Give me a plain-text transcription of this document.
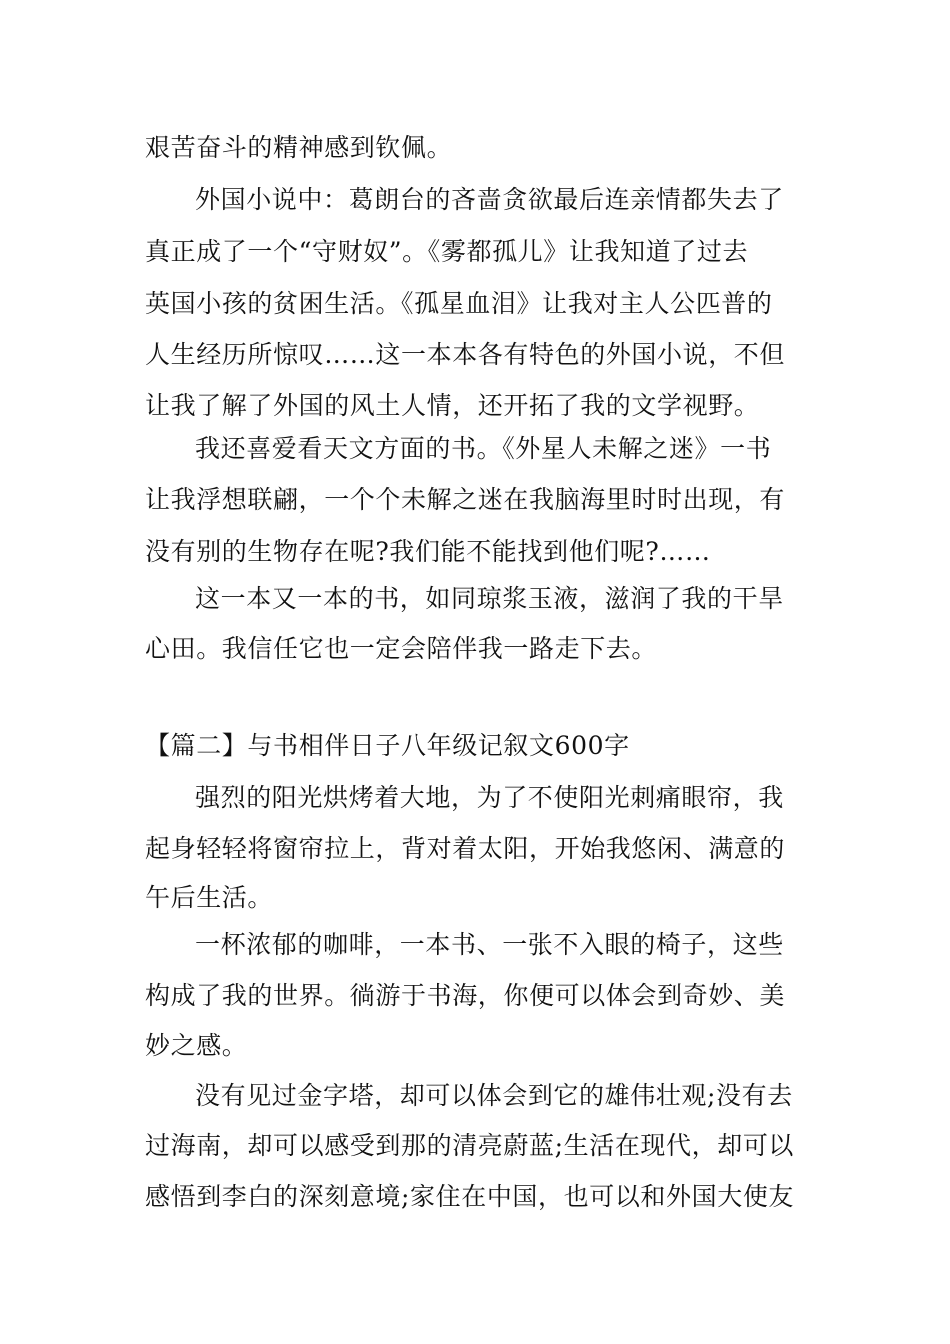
艰苦奋斗的精神感到钦佩。
外国小说中：葛朗台的吝啬贪欲最后连亲情都失去了
真正成了一个“守财奴”。《雾都孤儿》让我知道了过去
英国小孩的贫困生活。《孤星血泪》让我对主人公匹普的
人生经历所惊叹……这一本本各有特色的外国小说，不但
让我了解了外国的风土人情，还开拓了我的文学视野。
我还喜爱看天文方面的书。《外星人未解之迷》一书
让我浮想联翩，一个个未解之迷在我脑海里时时出现，有
没有别的生物存在呢?我们能不能找到他们呢?……
这一本又一本的书，如同琼浆玉液，滋润了我的干旱
心田。我信任它也一定会陪伴我一路走下去。
【篇二】与书相伴日子八年级记叙文600字
强烈的阳光烘烤着大地，为了不使阳光刺痛眼帘，我
起身轻轻将窗帘拉上，背对着太阳，开始我悠闲、满意的
午后生活。
一杯浓郁的咖啡，一本书、一张不入眼的椅子，这些
构成了我的世界。徜游于书海，你便可以体会到奇妙、美
妙之感。
没有见过金字塔，却可以体会到它的雄伟壮观;没有去
过海南，却可以感受到那的清亮蔚蓝;生活在现代，却可以
感悟到李白的深刻意境;家住在中国，也可以和外国大使友
